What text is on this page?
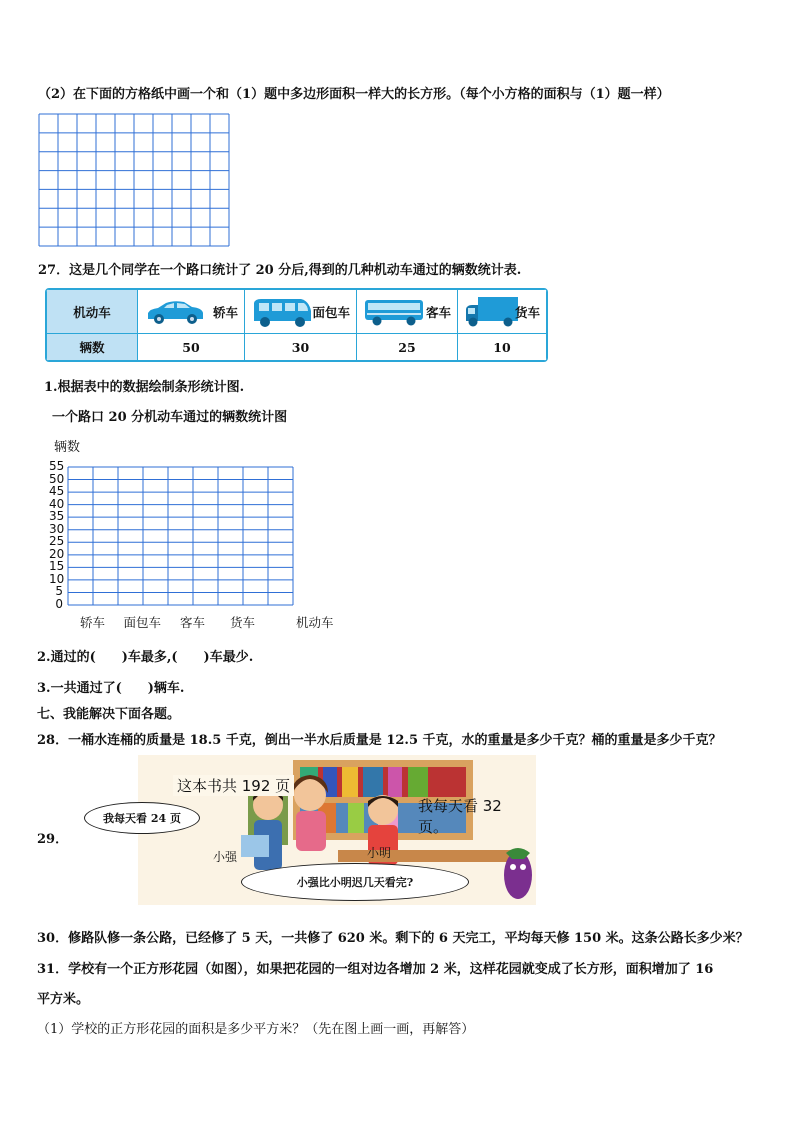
（2）在下面的方格纸中画一个和（1）题中多边形面积一样大的长方形。（每个小方格的面积与（1）题一样）
27．这是几个同学在一个路口统计了 20 分后,得到的几种机动车通过的辆数统计表.
机动车	轿车	面包车	客车	货车

辆数	50	30	25	10
1.根据表中的数据绘制条形统计图.
一个路口 20 分机动车通过的辆数统计图
辆数
0
5
10
15
20
25
30
35
40
45
50
55
轿车 面包车 客车 货车	机动车
2.通过的(　　)车最多,(　　)车最少.
3.一共通过了(　　)辆车.
七、我能解决下面各题。
28．一桶水连桶的质量是 18.5 千克，倒出一半水后质量是 12.5 千克，水的重量是多少千克？桶的重量是多少千克？
29．
这本书共 192 页
我每天看 32 页。
我每天看 24 页
小强	小明
小强比小明迟几天看完?
30．修路队修一条公路，已经修了 5 天，一共修了 620 米。剩下的 6 天完工，平均每天修 150 米。这条公路长多少米？
31．学校有一个正方形花园（如图），如果把花园的一组对边各增加 2 米，这样花园就变成了长方形，面积增加了 16
平方米。
（1）学校的正方形花园的面积是多少平方米？（先在图上画一画，再解答）
